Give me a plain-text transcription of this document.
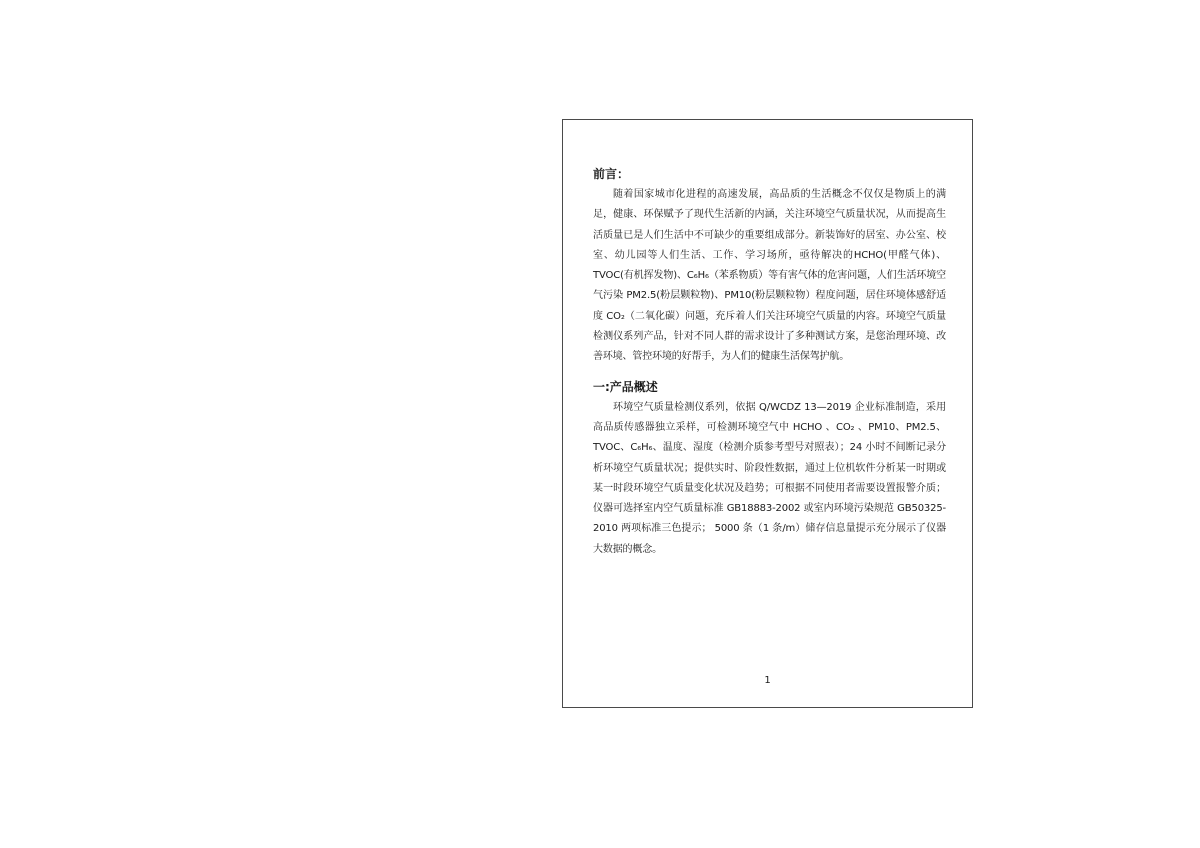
前言：

随着国家城市化进程的高速发展，高品质的生活概念不仅仅是物质上的满足，健康、环保赋予了现代生活新的内涵，关注环境空气质量状况，从而提高生活质量已是人们生活中不可缺少的重要组成部分。新装饰好的居室、办公室、校室、幼儿园等人们生活、工作、学习场所，亟待解决的HCHO(甲醛气体)、TVOC(有机挥发物)、C₆H₆（苯系物质）等有害气体的危害问题，人们生活环境空气污染 PM2.5(粉层颗粒物)、PM10(粉层颗粒物）程度问题，居住环境体感舒适度 CO₂（二氧化碳）问题，充斥着人们关注环境空气质量的内容。环境空气质量检测仪系列产品，针对不同人群的需求设计了多种测试方案，是您治理环境、改善环境、管控环境的好帮手，为人们的健康生活保驾护航。

一:产品概述

环境空气质量检测仪系列，依据 Q/WCDZ 13—2019 企业标准制造，采用高品质传感器独立采样，可检测环境空气中 HCHO 、CO₂ 、PM10、PM2.5、TVOC、C₆H₆、温度、湿度（检测介质参考型号对照表）；24 小时不间断记录分析环境空气质量状况；提供实时、阶段性数据，通过上位机软件分析某一时期或某一时段环境空气质量变化状况及趋势；可根据不同使用者需要设置报警介质；仪器可选择室内空气质量标准 GB18883-2002 或室内环境污染规范 GB50325-2010 两项标准三色提示； 5000 条（1 条/m）储存信息量提示充分展示了仪器大数据的概念。

1
